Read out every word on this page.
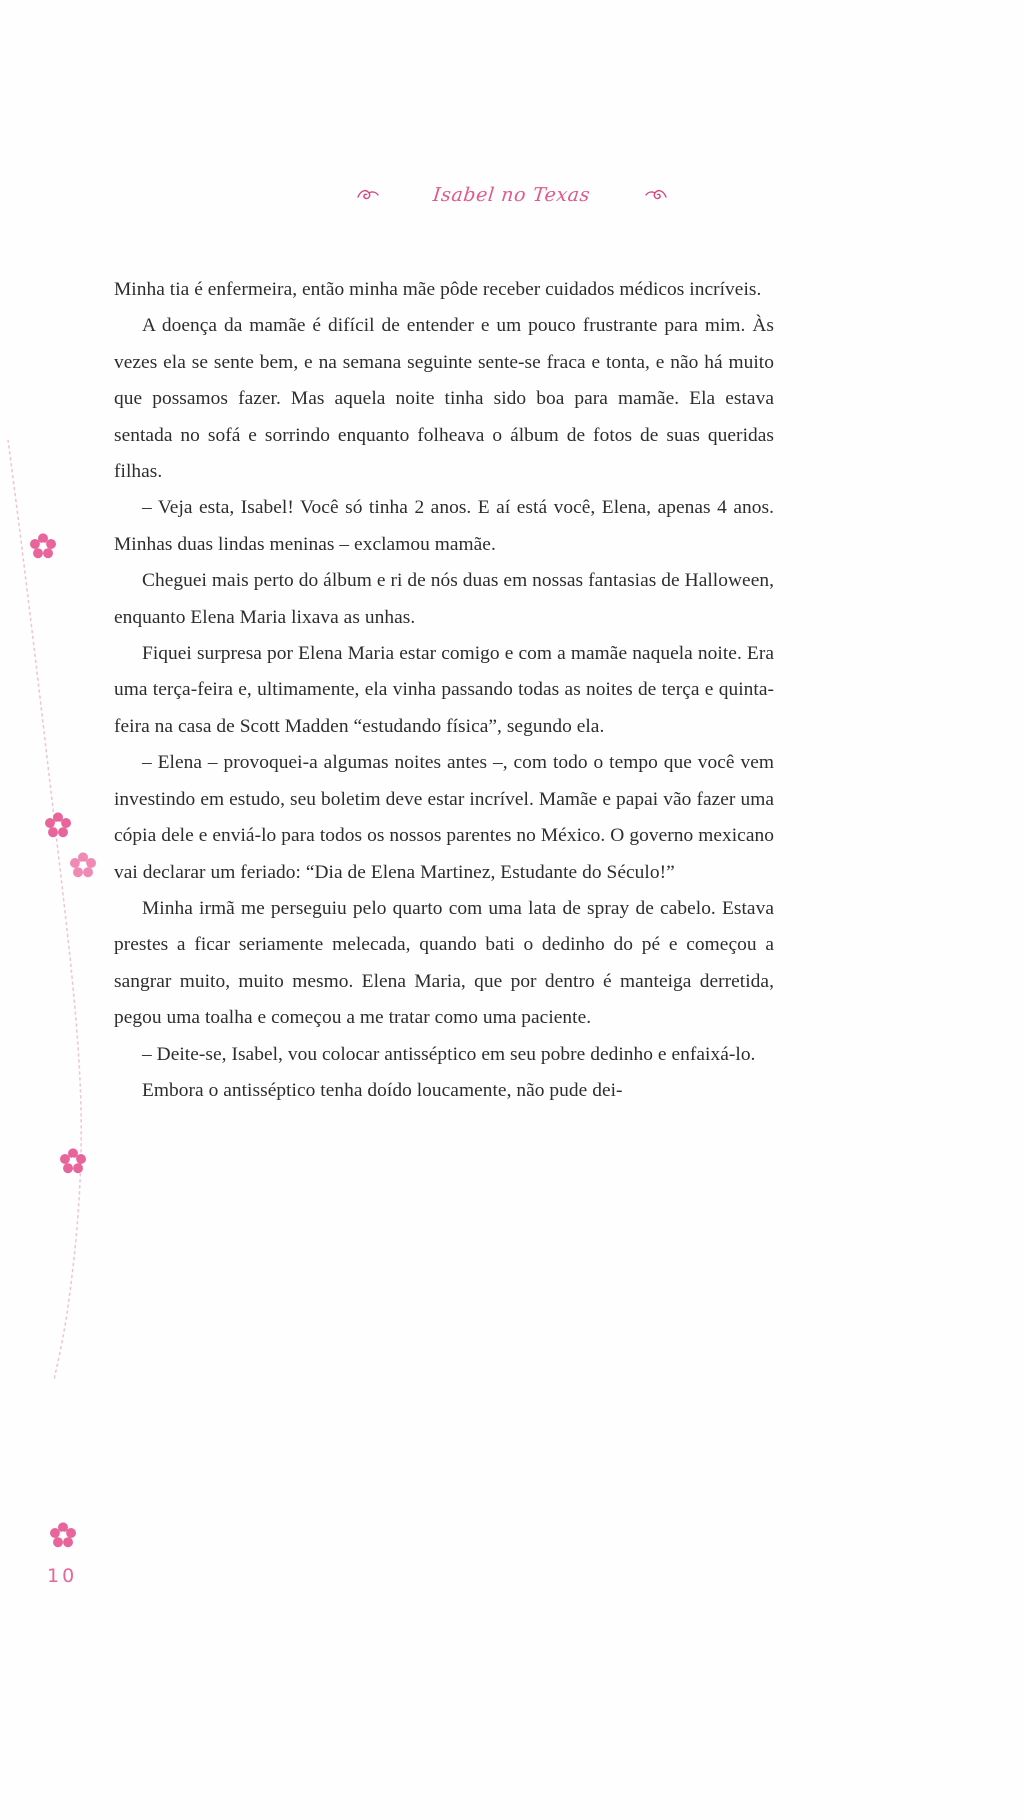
Isabel no Texas

Minha tia é enfermeira, então minha mãe pôde receber cuidados médicos incríveis.

A doença da mamãe é difícil de entender e um pouco frustrante para mim. Às vezes ela se sente bem, e na semana seguinte sente-se fraca e tonta, e não há muito que possamos fazer. Mas aquela noite tinha sido boa para mamãe. Ela estava sentada no sofá e sorrindo enquanto folheava o álbum de fotos de suas queridas filhas.

– Veja esta, Isabel! Você só tinha 2 anos. E aí está você, Elena, apenas 4 anos. Minhas duas lindas meninas – exclamou mamãe.

Cheguei mais perto do álbum e ri de nós duas em nossas fantasias de Halloween, enquanto Elena Maria lixava as unhas.

Fiquei surpresa por Elena Maria estar comigo e com a mamãe naquela noite. Era uma terça-feira e, ultimamente, ela vinha passando todas as noites de terça e quinta-feira na casa de Scott Madden “estudando física”, segundo ela.

– Elena – provoquei-a algumas noites antes –, com todo o tempo que você vem investindo em estudo, seu boletim deve estar incrível. Mamãe e papai vão fazer uma cópia dele e enviá-lo para todos os nossos parentes no México. O governo mexicano vai declarar um feriado: “Dia de Elena Martinez, Estudante do Século!”

Minha irmã me perseguiu pelo quarto com uma lata de spray de cabelo. Estava prestes a ficar seriamente melecada, quando bati o dedinho do pé e começou a sangrar muito, muito mesmo. Elena Maria, que por dentro é manteiga derretida, pegou uma toalha e começou a me tratar como uma paciente.

– Deite-se, Isabel, vou colocar antisséptico em seu pobre dedinho e enfaixá-lo.

Embora o antisséptico tenha doído loucamente, não pude dei-

10
